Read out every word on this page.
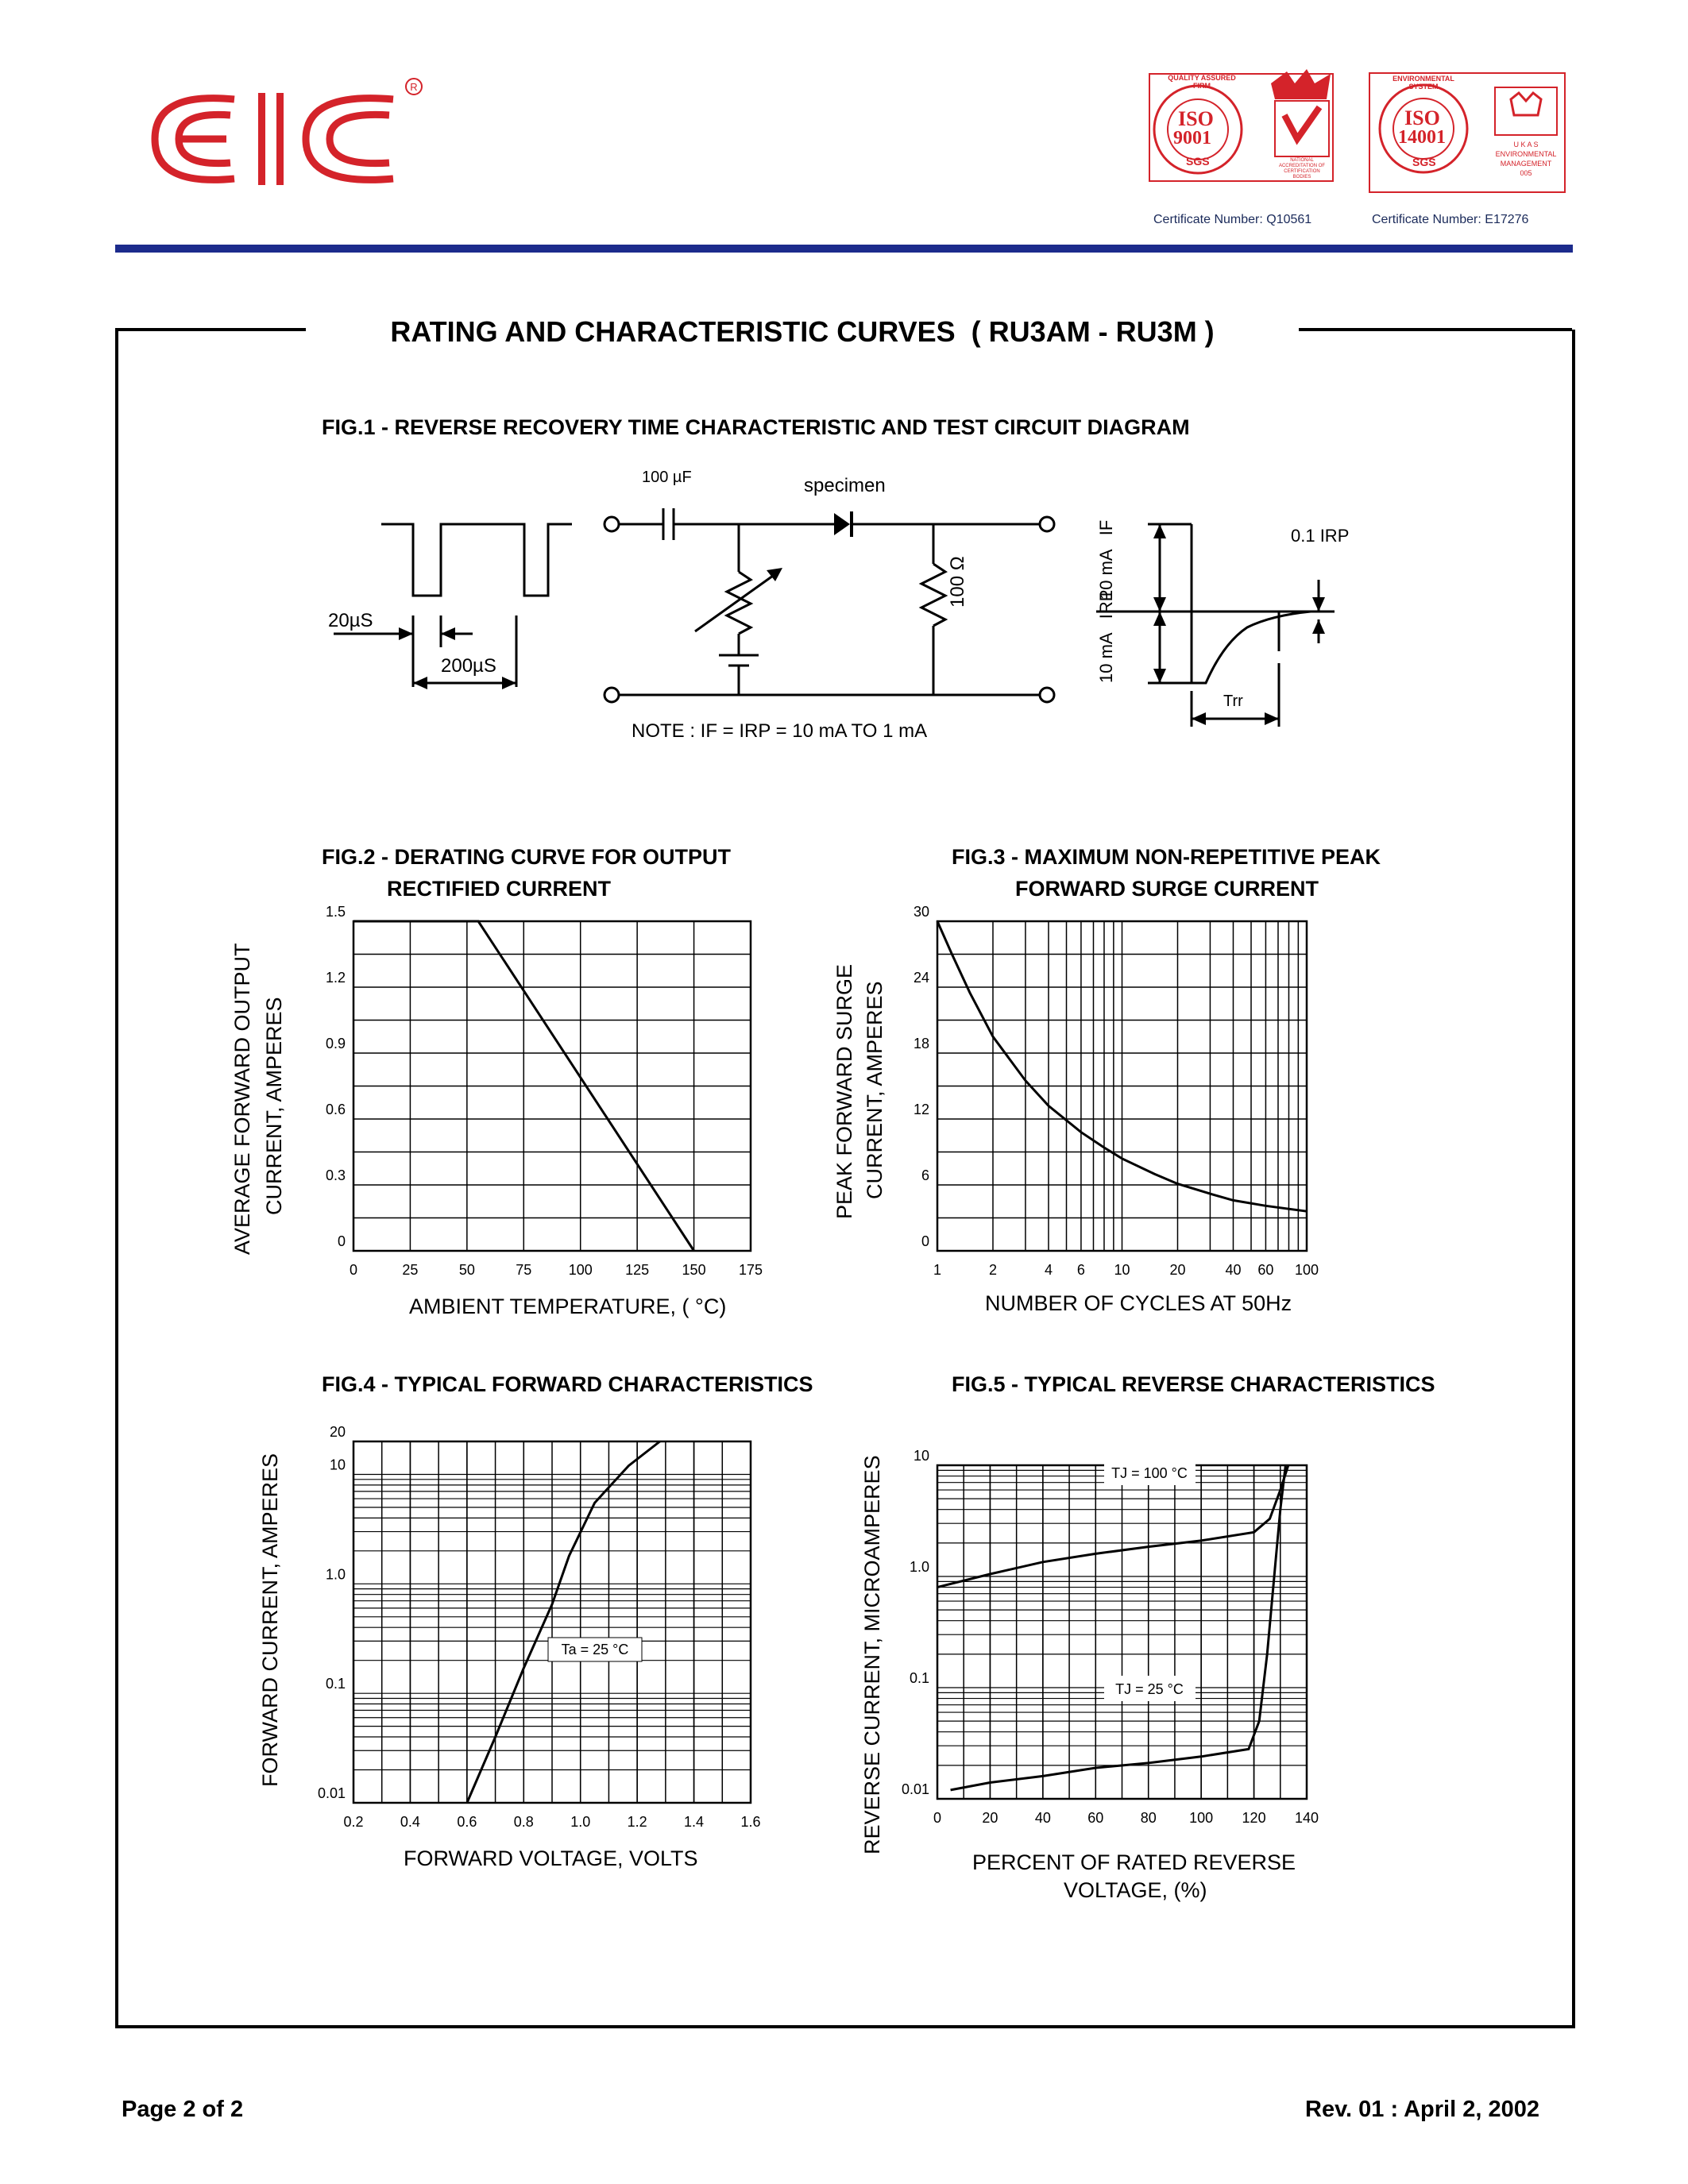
R
ISO
9001
SGS
QUALITY ASSURED FIRM
NATIONAL ACCREDITATION OF CERTIFICATION BODIES
Certificate Number: Q10561
ISO
14001
SGS
ENVIRONMENTAL SYSTEM
U K A S ENVIRONMENTAL MANAGEMENT 005
Certificate Number: E17276
RATING AND CHARACTERISTIC CURVES  ( RU3AM - RU3M )
FIG.1 - REVERSE RECOVERY TIME CHARACTERISTIC AND TEST CIRCUIT DIAGRAM
100 µF	specimen
100 Ω
20µS
200µS
NOTE : IF = IRP = 10 mA TO 1 mA
10 mA   IF
10 mA   IRP
0.1 IRP
Trr
FIG.2 - DERATING CURVE FOR OUTPUT
RECTIFIED CURRENT
0	25	50	75	100 125 150 175
0
0.3
0.6
0.9
1.2
1.5
AVERAGE FORWARD OUTPUT CURRENT, AMPERES
AMBIENT TEMPERATURE, ( °C)
FIG.3 - MAXIMUM NON-REPETITIVE PEAK
FORWARD SURGE CURRENT
1	2	4 6 10	20	40 60 100
0
6
12
18
24
30
PEAK FORWARD SURGE CURRENT, AMPERES
NUMBER OF CYCLES AT 50Hz
FIG.4 - TYPICAL FORWARD CHARACTERISTICS
0.2	0.4	0.6	0.8	1.0	1.2	1.4	1.6
0.01
0.1
1.0
10
20
Ta = 25 °C
FORWARD CURRENT, AMPERES
FORWARD VOLTAGE, VOLTS
FIG.5 - TYPICAL REVERSE CHARACTERISTICS
0	20	40	60	80 100 120 140
0.01
0.1
1.0
10
TJ = 100 °C
TJ = 25 °C
REVERSE CURRENT, MICROAMPERES
PERCENT OF RATED REVERSE
VOLTAGE, (%)
Page 2 of 2	Rev. 01 : April 2, 2002
